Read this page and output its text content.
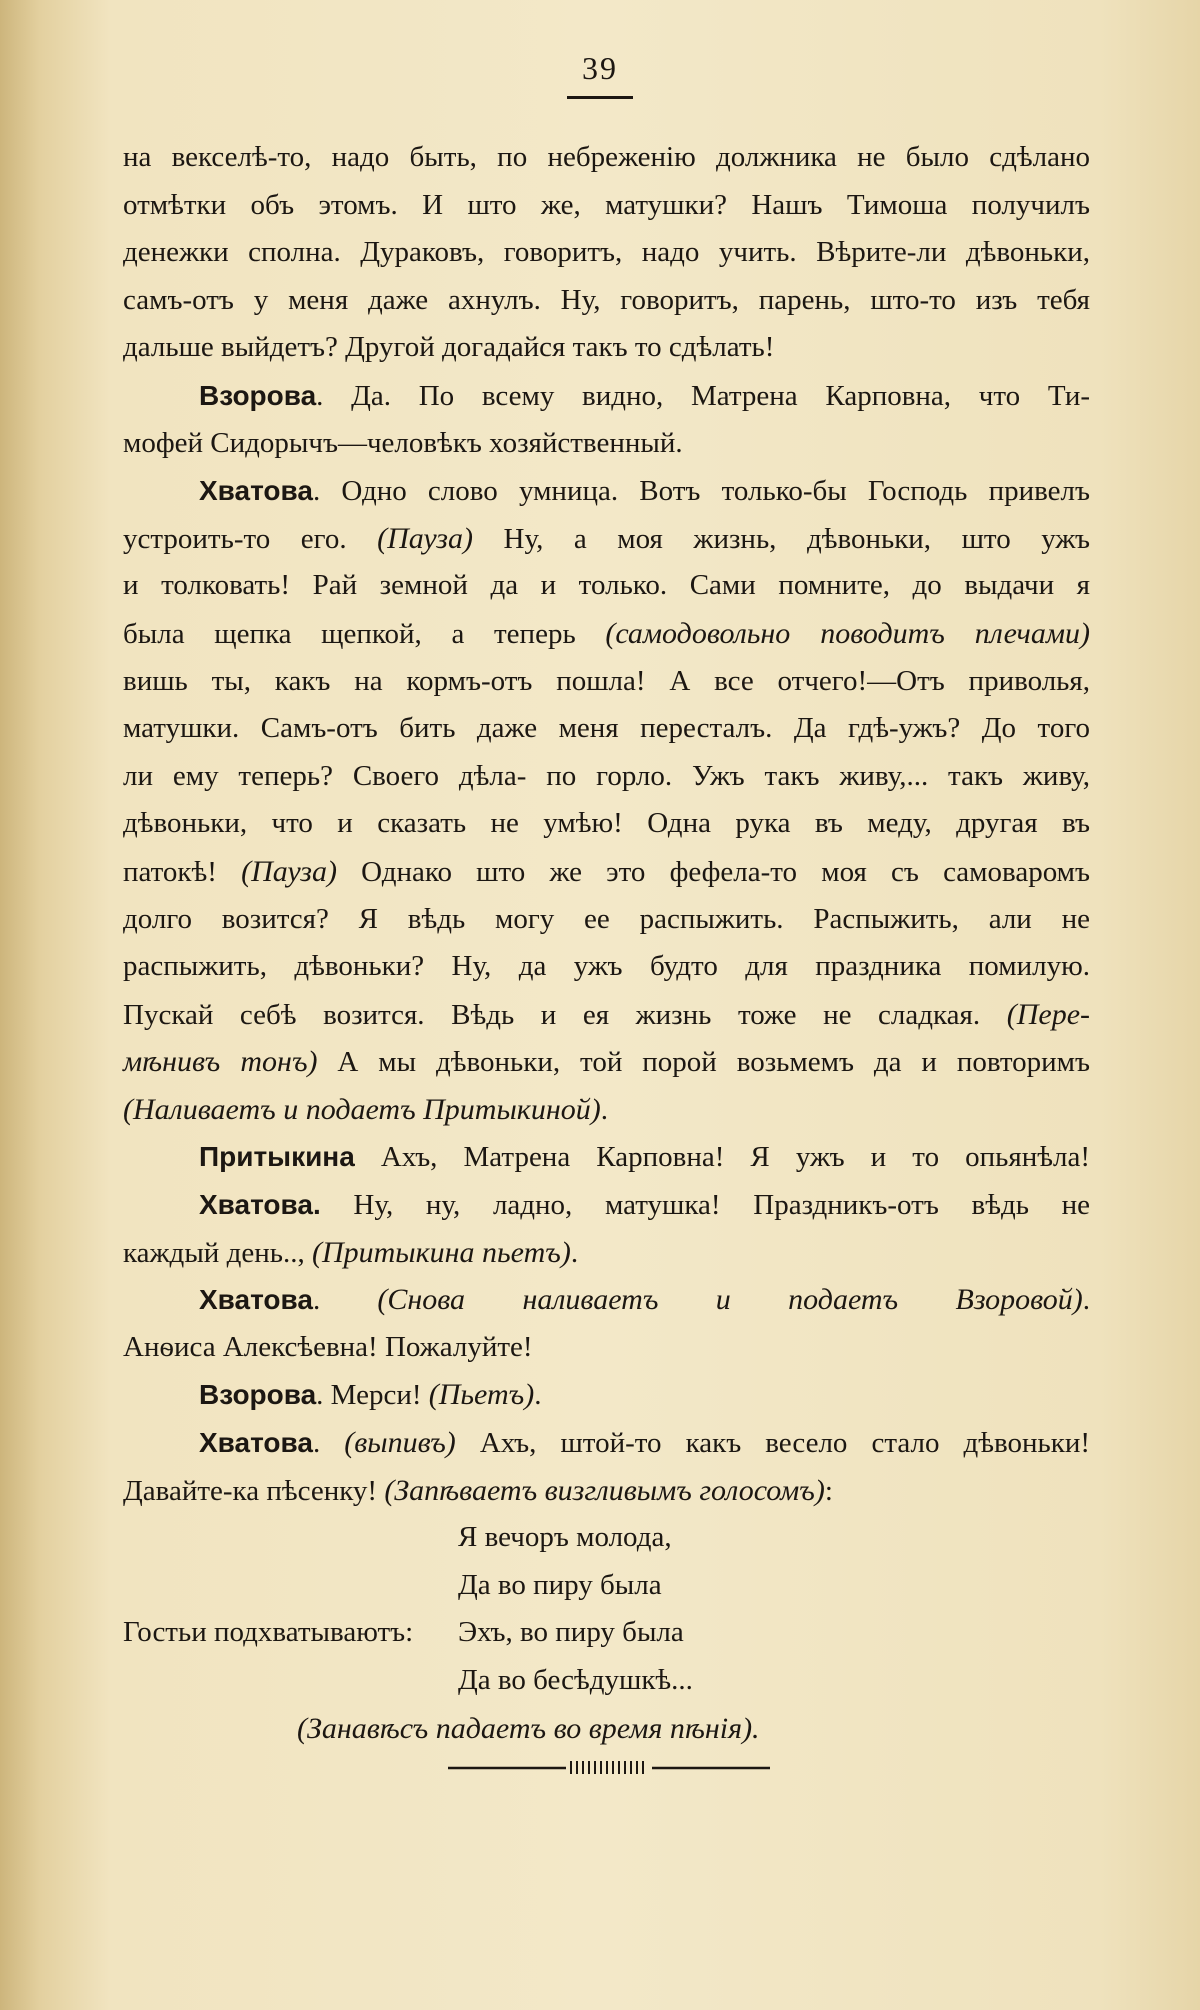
39
на векселѣ-то, надо быть, по небреженію должника не было сдѣлано
отмѣтки объ этомъ. И што же, матушки? Нашъ Тимоша получилъ
денежки сполна. Дураковъ, говоритъ, надо учить. Вѣрите-ли дѣвоньки,
самъ-отъ у меня даже ахнулъ. Ну, говоритъ, парень, што-то изъ тебя
дальше выйдетъ? Другой догадайся такъ то сдѣлать!
Взорова. Да. По всему видно, Матрена Карповна, что Ти-
мофей Сидорычъ—человѣкъ хозяйственный.
Хватова. Одно слово умница. Вотъ только-бы Господь привелъ
устроить-то его. (Пауза) Ну, а моя жизнь, дѣвоньки, што ужъ
и толковать! Рай земной да и только. Сами помните, до выдачи я
была щепка щепкой, а теперь (самодовольно поводитъ плечами)
вишь ты, какъ на кормъ-отъ пошла! А все отчего!—Отъ приволья,
матушки. Самъ-отъ бить даже меня пересталъ. Да гдѣ-ужъ? До того
ли ему теперь? Своего дѣла- по горло. Ужъ такъ живу,... такъ живу,
дѣвоньки, что и сказать не умѣю! Одна рука въ меду, другая въ
патокѣ! (Пауза) Однако што же это фефела-то моя съ самоваромъ
долго возится? Я вѣдь могу ее распыжить. Распыжить, али не
распыжить, дѣвоньки? Ну, да ужъ будто для праздника помилую.
Пускай себѣ возится. Вѣдь и ея жизнь тоже не сладкая. (Пере-
мѣнивъ тонъ) А мы дѣвоньки, той порой возьмемъ да и повторимъ
(Наливаетъ и подаетъ Притыкиной).
Притыкина Ахъ, Матрена Карповна! Я ужъ и то опьянѣла!
Хватова. Ну, ну, ладно, матушка! Праздникъ-отъ вѣдь не
каждый день.., (Притыкина пьетъ).
Хватова. (Снова наливаетъ и подаетъ Взоровой).
Анѳиса Алексѣевна! Пожалуйте!
Взорова. Мерси! (Пьетъ).
Хватова. (выпивъ) Ахъ, штой-то какъ весело стало дѣвоньки!
Давайте-ка пѣсенку! (Запѣваетъ визгливымъ голосомъ):
Я вечоръ молода,
Да во пиру была
Гостьи подхватываютъ: Эхъ, во пиру была
Да во бесѣдушкѣ...
(Занавѣсъ падаетъ во время пѣнія).
